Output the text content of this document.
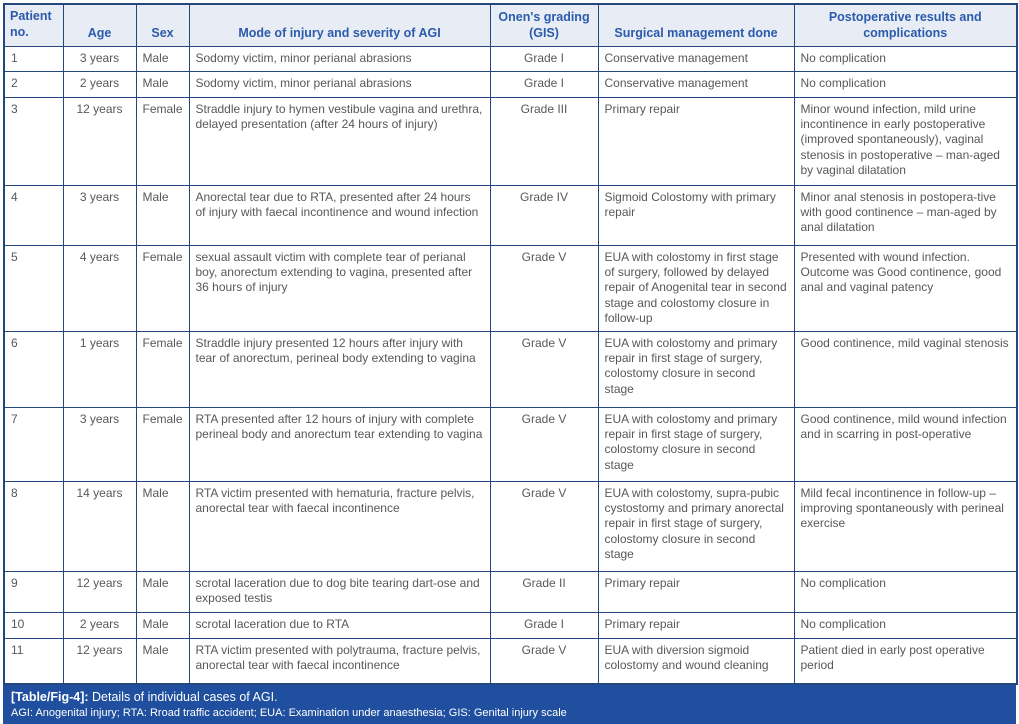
Patient no.	Age	Sex	Mode of injury and severity of AGI	Onen's grading (GIS)	Surgical management done	Postoperative results and complications
1	3 years	Male	Sodomy victim, minor perianal abrasions	Grade I	Conservative management	No complication
2	2 years	Male	Sodomy victim, minor perianal abrasions	Grade I	Conservative management	No complication
3	12 years	Female	Straddle injury to hymen vestibule vagina and urethra, delayed presentation (after 24 hours of injury)	Grade III	Primary repair	Minor wound infection, mild urine incontinence in early postoperative (improved spontaneously), vaginal stenosis in postoperative – man-aged by vaginal dilatation
4	3 years	Male	Anorectal tear due to RTA, presented after 24 hours of injury with faecal incontinence and wound infection	Grade IV	Sigmoid Colostomy with primary repair	Minor anal stenosis in postopera-tive with good continence – man-aged by anal dilatation
5	4 years	Female	sexual assault victim with complete tear of perianal boy, anorectum extending to vagina, presented after 36 hours of injury	Grade V	EUA with colostomy in first stage of surgery, followed by delayed repair of Anogenital tear in second stage and colostomy closure in follow-up	Presented with wound infection. Outcome was Good continence, good anal and vaginal patency
6	1 years	Female	Straddle injury presented 12 hours after injury with tear of anorectum, perineal body extending to vagina	Grade V	EUA with colostomy and primary repair in first stage of surgery, colostomy closure in second stage	Good continence, mild vaginal stenosis
7	3 years	Female	RTA presented after 12 hours of injury with complete perineal body and anorectum tear extending to vagina	Grade V	EUA with colostomy and primary repair in first stage of surgery, colostomy closure in second stage	Good continence, mild wound infection and in scarring in post-operative
8	14 years	Male	RTA victim presented with hematuria, fracture pelvis, anorectal tear with faecal incontinence	Grade V	EUA with colostomy, supra-pubic cystostomy and primary anorectal repair in first stage of surgery, colostomy closure in second stage	Mild fecal incontinence in follow-up – improving spontaneously with perineal exercise
9	12 years	Male	scrotal laceration due to dog bite tearing dart-ose and exposed testis	Grade II	Primary repair	No complication
10	2 years	Male	scrotal laceration due to RTA	Grade I	Primary repair	No complication
11	12 years	Male	RTA victim presented with polytrauma, fracture pelvis, anorectal tear with faecal incontinence	Grade V	EUA with diversion sigmoid colostomy and wound cleaning	Patient died in early post operative period
[Table/Fig-4]: Details of individual cases of AGI.
AGI: Anogenital injury; RTA: Rroad traffic accident; EUA: Examination under anaesthesia; GIS: Genital injury scale
